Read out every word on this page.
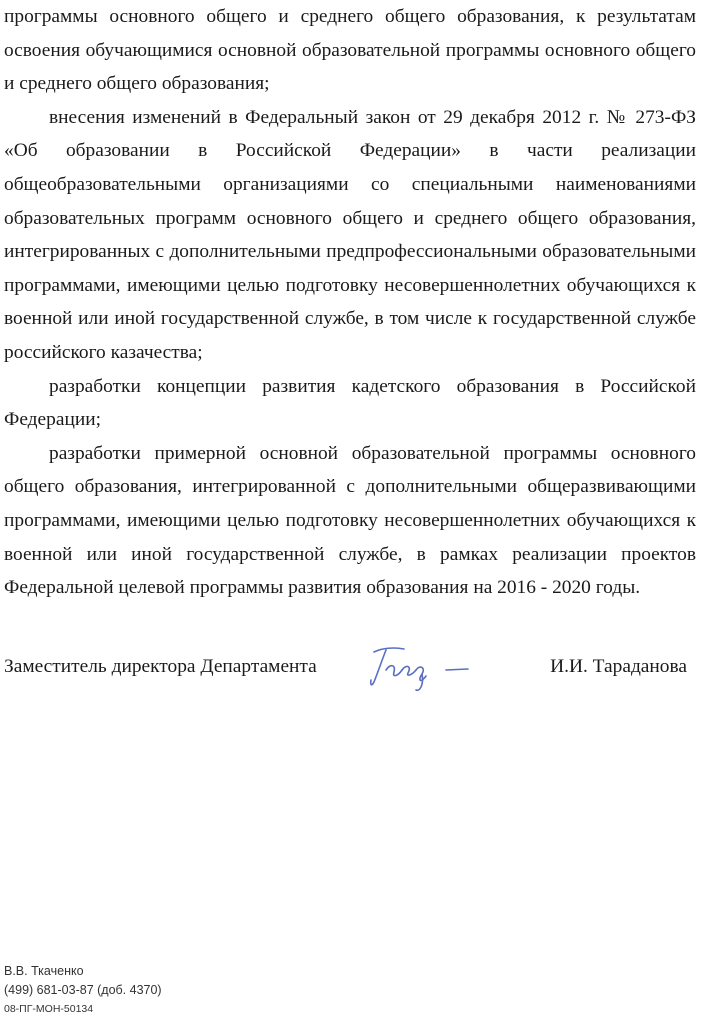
программы основного общего и среднего общего образования, к результатам освоения обучающимися основной образовательной программы основного общего и среднего общего образования;

внесения изменений в Федеральный закон от 29 декабря 2012 г. № 273-ФЗ «Об образовании в Российской Федерации» в части реализации общеобразовательными организациями со специальными наименованиями образовательных программ основного общего и среднего общего образования, интегрированных с дополнительными предпрофессиональными образовательными программами, имеющими целью подготовку несовершеннолетних обучающихся к военной или иной государственной службе, в том числе к государственной службе российского казачества;

разработки концепции развития кадетского образования в Российской Федерации;

разработки примерной основной образовательной программы основного общего образования, интегрированной с дополнительными общеразвивающими программами, имеющими целью подготовку несовершеннолетних обучающихся к военной или иной государственной службе, в рамках реализации проектов Федеральной целевой программы развития образования на 2016 - 2020 годы.

Заместитель директора Департамента	И.И. Тараданова
В.В. Ткаченко
(499) 681-03-87 (доб. 4370)
08-ПГ-МОН-50134
